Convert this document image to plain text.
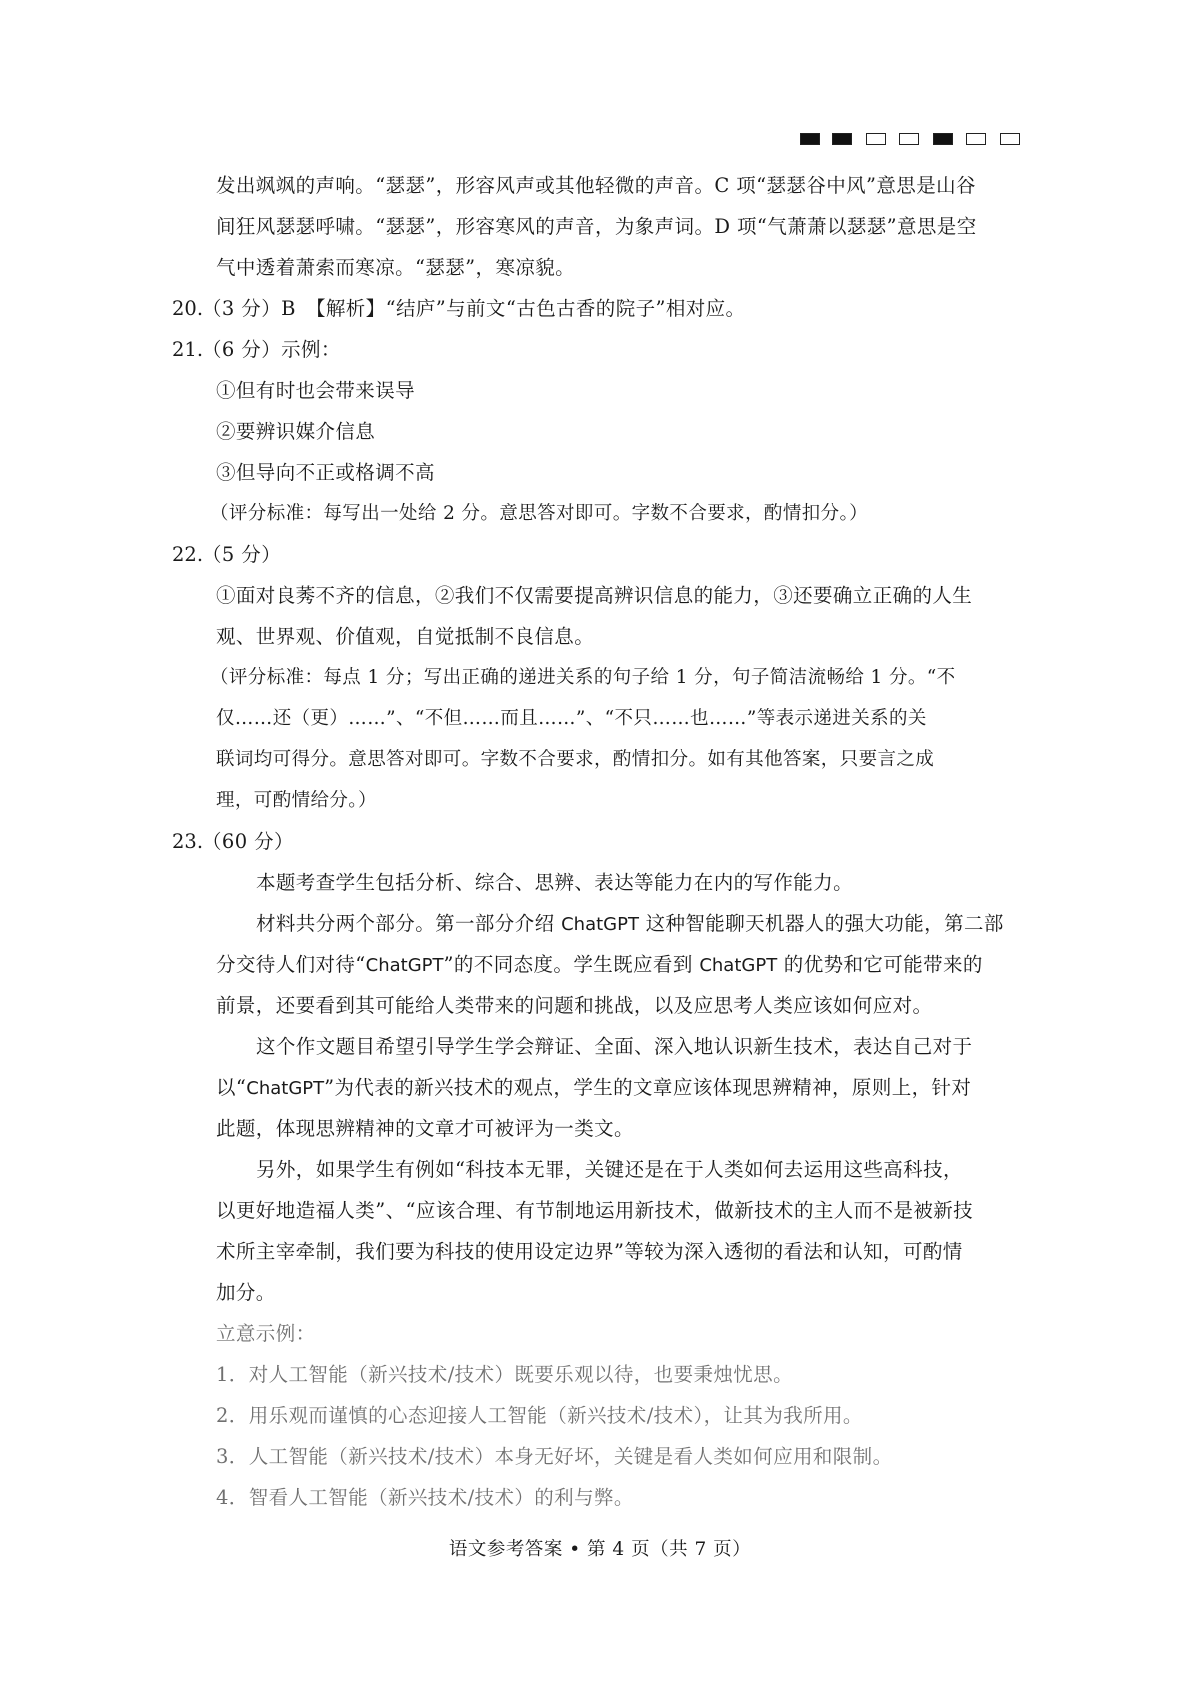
发出飒飒的声响。“瑟瑟”，形容风声或其他轻微的声音。C 项“瑟瑟谷中风”意思是山谷
间狂风瑟瑟呼啸。“瑟瑟”，形容寒风的声音，为象声词。D 项“气萧萧以瑟瑟”意思是空
气中透着萧索而寒凉。“瑟瑟”，寒凉貌。
20.
（3 分）B　【解析】“结庐”与前文“古色古香的院子”相对应。
21.
（6 分）示例：
①但有时也会带来误导
②要辨识媒介信息
③但导向不正或格调不高
（评分标准：每写出一处给 2 分。意思答对即可。字数不合要求，酌情扣分。）
22.
（5 分）
①面对良莠不齐的信息，②我们不仅需要提高辨识信息的能力，③还要确立正确的人生
观、世界观、价值观，自觉抵制不良信息。
（评分标准：每点 1 分；写出正确的递进关系的句子给 1 分，句子简洁流畅给 1 分。“不
仅……还（更）……”、“不但……而且……”、“不只……也……”等表示递进关系的关
联词均可得分。意思答对即可。字数不合要求，酌情扣分。如有其他答案，只要言之成
理，可酌情给分。）
23.
（60 分）
本题考查学生包括分析、综合、思辨、表达等能力在内的写作能力。
材料共分两个部分。第一部分介绍 ChatGPT 这种智能聊天机器人的强大功能，第二部
分交待人们对待“ChatGPT”的不同态度。学生既应看到 ChatGPT 的优势和它可能带来的
前景，还要看到其可能给人类带来的问题和挑战，以及应思考人类应该如何应对。
这个作文题目希望引导学生学会辩证、全面、深入地认识新生技术，表达自己对于
以“ChatGPT”为代表的新兴技术的观点，学生的文章应该体现思辨精神，原则上，针对
此题，体现思辨精神的文章才可被评为一类文。
另外，如果学生有例如“科技本无罪，关键还是在于人类如何去运用这些高科技，
以更好地造福人类”、“应该合理、有节制地运用新技术，做新技术的主人而不是被新技
术所主宰牵制，我们要为科技的使用设定边界”等较为深入透彻的看法和认知，可酌情
加分。
立意示例：
1．对人工智能（新兴技术/技术）既要乐观以待，也要秉烛忧思。
2．用乐观而谨慎的心态迎接人工智能（新兴技术/技术），让其为我所用。
3．人工智能（新兴技术/技术）本身无好坏，关键是看人类如何应用和限制。
4．智看人工智能（新兴技术/技术）的利与弊。
语文参考答案 • 第 4 页（共 7 页）
